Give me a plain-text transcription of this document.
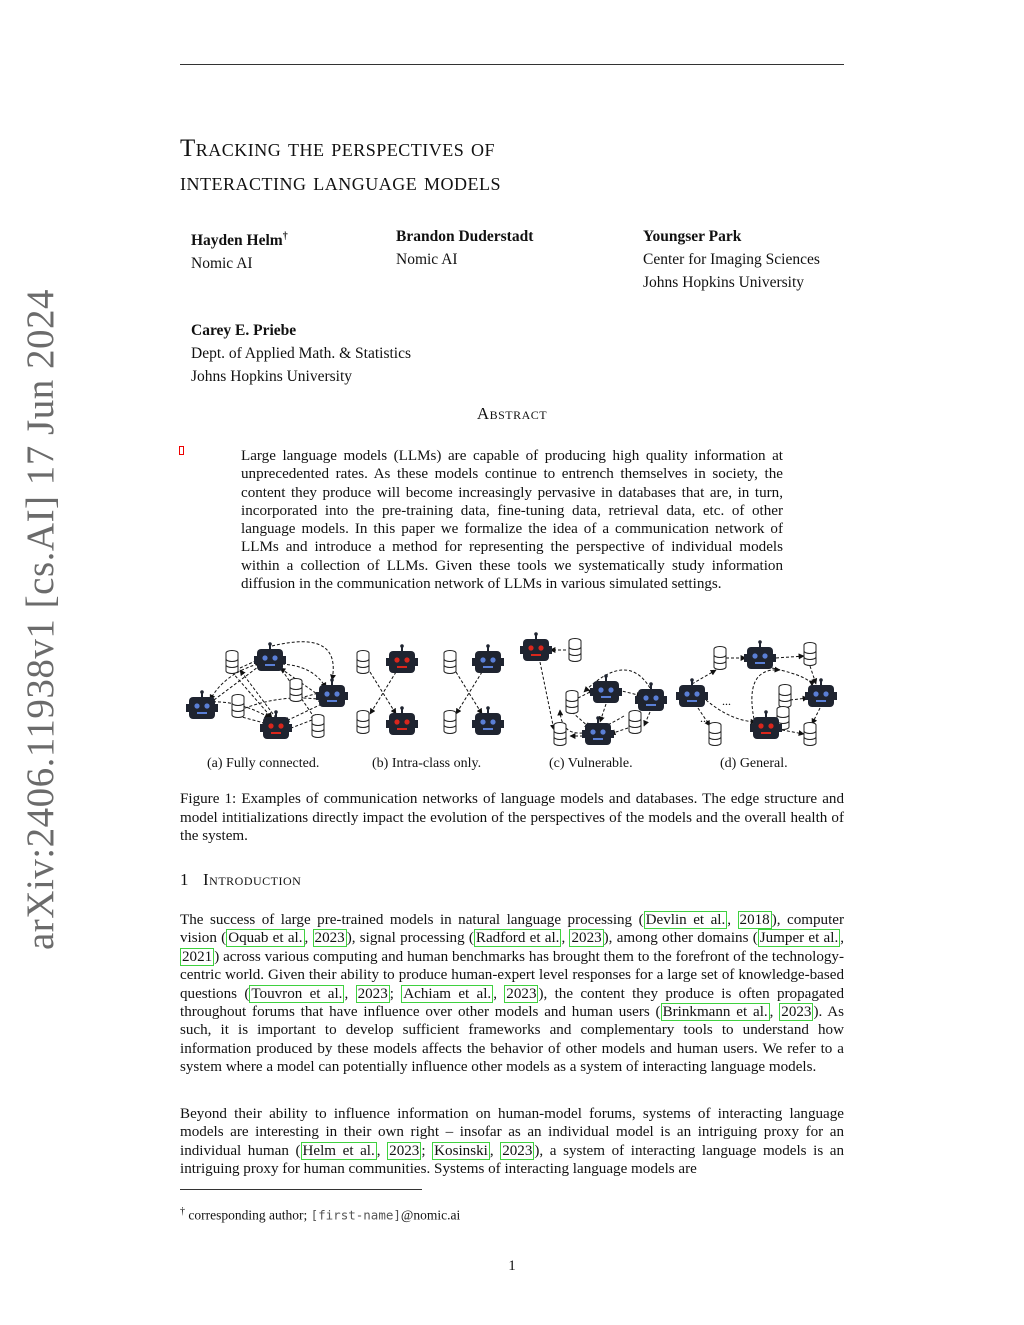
arXiv:2406.11938v1 [cs.AI] 17 Jun 2024
Tracking the perspectives of
interacting language models
Hayden Helm†
Nomic AI
Brandon Duderstadt
Nomic AI
Youngser Park
Center for Imaging Sciences
Johns Hopkins University
Carey E. Priebe
Dept. of Applied Math. & Statistics
Johns Hopkins University
Abstract
Large language models (LLMs) are capable of producing high quality information at unprecedented rates. As these models continue to entrench themselves in society, the content they produce will become increasingly pervasive in databases that are, in turn, incorporated into the pre-training data, fine-tuning data, retrieval data, etc. of other language models. In this paper we formalize the idea of a communication network of LLMs and introduce a method for representing the perspective of individual models within a collection of LLMs. Given these tools we systematically study information diffusion in the communication network of LLMs in various simulated settings.
...
...
(a) Fully connected.	(b) Intra-class only.	(c) Vulnerable.	(d) General.
Figure 1: Examples of communication networks of language models and databases. The edge structure and model intitializations directly impact the evolution of the perspectives of the models and the overall health of the system.
1 Introduction
The success of large pre-trained models in natural language processing ( Devlin et al. , 2018 ), computer vision ( Oquab et al. , 2023 ), signal processing ( Radford et al. , 2023 ), among other domains ( Jumper et al. , 2021 ) across various computing and human benchmarks has brought them to the forefront of the technology-centric world. Given their ability to produce human-expert level responses for a large set of knowledge-based questions ( Touvron et al. , 2023 ; Achiam et al. , 2023 ), the content they produce is often propagated throughout forums that have influence over other models and human users ( Brinkmann et al. , 2023 ). As such, it is important to develop sufficient frameworks and complementary tools to understand how information produced by these models affects the behavior of other models and human users. We refer to a system where a model can potentially influence other models as a system of interacting language models.
Beyond their ability to influence information on human-model forums, systems of interacting language models are interesting in their own right – insofar as an individual model is an intriguing proxy for an individual human ( Helm et al. , 2023 ; Kosinski , 2023 ), a system of interacting language models is an intriguing proxy for human communities. Systems of interacting language models are
† corresponding author; [first-name]@nomic.ai
1
